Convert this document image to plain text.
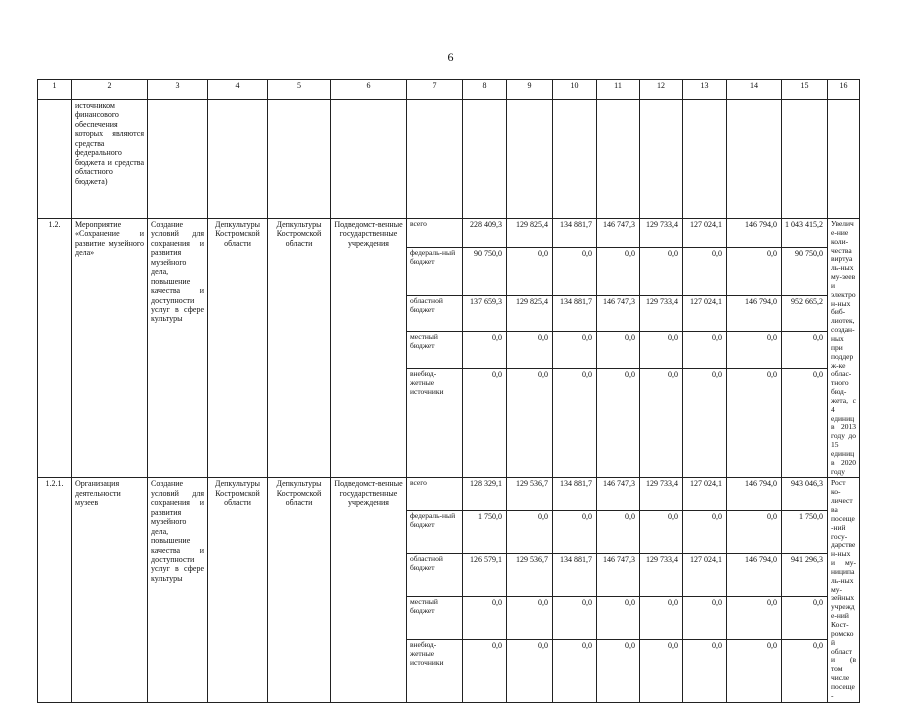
6
1	2	3	4	5	6	7	8	9	10	11	12	13	14	15	16
	источником финансового обеспечения которых являются средства федерального бюджета и средства областного бюджета)														
1.2.	Мероприятие «Сохранение и развитие музейного дела»	Создание условий для сохранения и развития музейного дела, повышение качества и доступности услуг в сфере культуры	Депкультуры Костромской области	Депкультуры Костромской области	Подведомст-венные государственные учреждения	всего	228 409,3	129 825,4	134 881,7	146 747,3	129 733,4	127 024,1	146 794,0	1 043 415,2	Увеличе-ние коли-чества виртуаль-ных му-зеев и электрон-ных биб-лиотек, создан-ных при поддерж-ке облас-тного бюд-жета, с 4 единиц в 2013 году до 15 единиц в 2020 году
						федераль-ный бюджет	90 750,0	0,0	0,0	0,0	0,0	0,0	0,0	90 750,0	
						областной бюджет	137 659,3	129 825,4	134 881,7	146 747,3	129 733,4	127 024,1	146 794,0	952 665,2	
						местный бюджет	0,0	0,0	0,0	0,0	0,0	0,0	0,0	0,0	
						внебюд-жетные источники	0,0	0,0	0,0	0,0	0,0	0,0	0,0	0,0	
1.2.1.	Организация деятельности музеев	Создание условий для сохранения и развития музейного дела, повышение качества и доступности услуг в сфере культуры	Депкультуры Костромской области	Депкультуры Костромской области	Подведомст-венные государственные учреждения	всего	128 329,1	129 536,7	134 881,7	146 747,3	129 733,4	127 024,1	146 794,0	943 046,3	Рост ко-личества посеще-ний госу-дарствен-ных и му-ниципаль-ных му-зейных учрежде-ний Кост-ромской области (в том числе посеще-
						федераль-ный бюджет	1 750,0	0,0	0,0	0,0	0,0	0,0	0,0	1 750,0	
						областной бюджет	126 579,1	129 536,7	134 881,7	146 747,3	129 733,4	127 024,1	146 794,0	941 296,3	
						местный бюджет	0,0	0,0	0,0	0,0	0,0	0,0	0,0	0,0	
						внебюд-жетные источники	0,0	0,0	0,0	0,0	0,0	0,0	0,0	0,0	
